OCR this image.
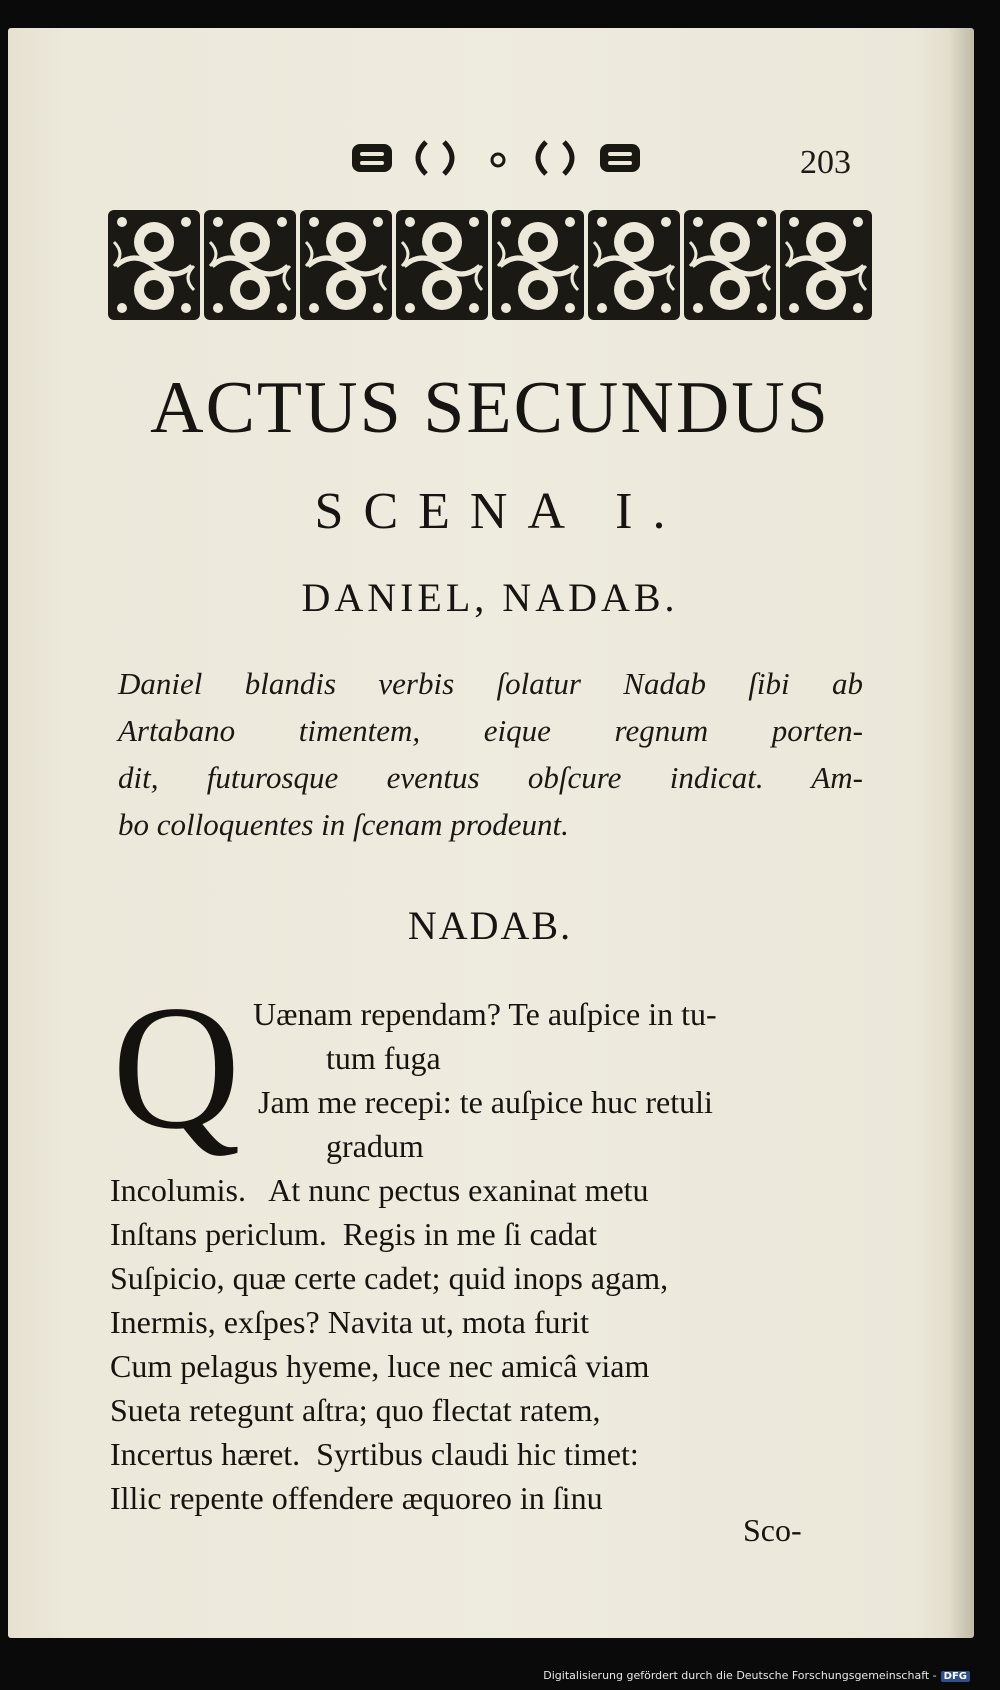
203
ACTUS SECUNDUS
SCENA I.
DANIEL, NADAB.
Daniel blandis verbis ſolatur Nadab ſibi ab
Artabano timentem, eique regnum porten-
dit, futurosque eventus obſcure indicat. Am-
bo colloquentes in ſcenam prodeunt.
NADAB.
Q Uænam rependam? Te auſpice in tu-
tum fuga
Jam me recepi: te auſpice huc retuli
gradum
Incolumis.   At nunc pectus exaninat metu
Inſtans periclum.  Regis in me ſi cadat
Suſpicio, quæ certe cadet; quid inops agam,
Inermis, exſpes? Navita ut, mota furit
Cum pelagus hyeme, luce nec amicâ viam
Sueta retegunt aſtra; quo flectat ratem,
Incertus hæret.  Syrtibus claudi hic timet:
Illic repente offendere æquoreo in ſinu
Sco-
Digitalisierung gefördert durch die Deutsche Forschungsgemeinschaft - DFG
